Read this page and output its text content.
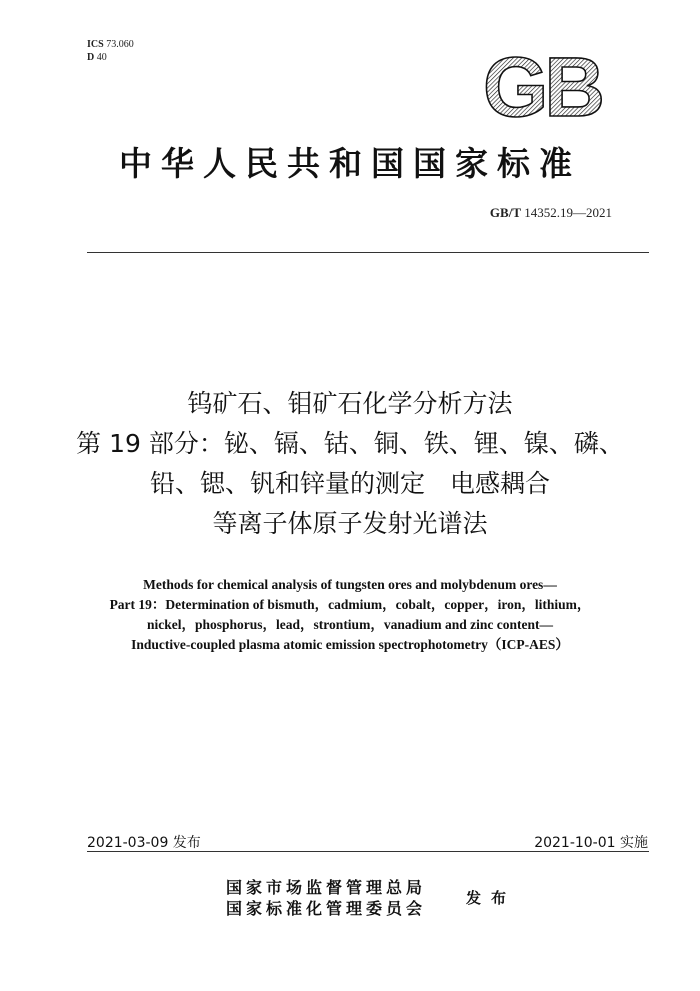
ICS 73.060
D 40	GB
中华人民共和国国家标准
GB/T 14352.19—2021
钨矿石、钼矿石化学分析方法
第 19 部分：铋、镉、钴、铜、铁、锂、镍、磷、
铅、锶、钒和锌量的测定　电感耦合
等离子体原子发射光谱法
Methods for chemical analysis of tungsten ores and molybdenum ores—
Part 19：Determination of bismuth，cadmium，cobalt，copper，iron，lithium，
nickel，phosphorus，lead，strontium，vanadium and zinc content—
Inductive-coupled plasma atomic emission spectrophotometry（ICP-AES）
2021-03-09 发布	2021-10-01 实施
国家市场监督管理总局
国家标准化管理委员会
发布
